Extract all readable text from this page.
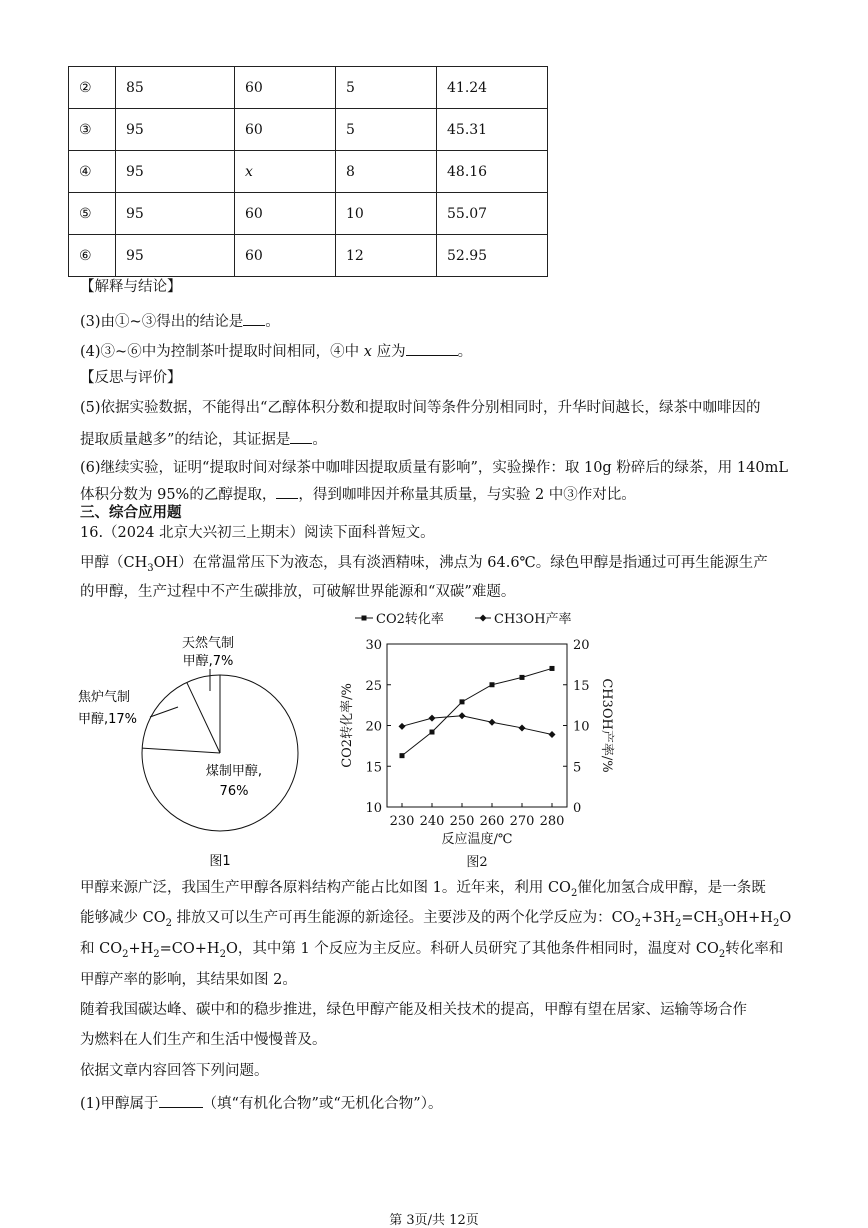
②	85	60	5	41.24
③	95	60	5	45.31
④	95	x	8	48.16
⑤	95	60	10	55.07
⑥	95	60	12	52.95
【解释与结论】
(3)由①~③得出的结论是 。
(4)③~⑥中为控制茶叶提取时间相同，④中 x 应为	。
【反思与评价】
(5)依据实验数据，不能得出“乙醇体积分数和提取时间等条件分别相同时，升华时间越长，绿茶中咖啡因的
提取质量越多”的结论，其证据是 。
(6)继续实验，证明“提取时间对绿茶中咖啡因提取质量有影响”，实验操作：取 10g 粉碎后的绿茶，用 140mL
体积分数为 95%的乙醇提取， ，得到咖啡因并称量其质量，与实验 2 中③作对比。
三、综合应用题
16.（2024 北京大兴初三上期末）阅读下面科普短文。
甲醇$(CH_3OH)$在常温常压下为液态，具有淡酒精味，沸点为 64.6℃。绿色甲醇是指通过可再生能源生产
的甲醇，生产过程中不产生碳排放，可破解世界能源和“双碳”难题。
天然气制
甲醇,7%
焦炉气制
甲醇,17%
煤制甲醇,
76%
图1
10
15
20
25
30
0
5
10
15
20
230 240 250 260 270 280
反应温度/℃
CO2转化率/%	CH3OH产率/%
CO2转化率	CH3OH产率
图2
甲醇来源广泛，我国生产甲醇各原料结构产能占比如图 1。近年来，利用 $CO_2$催化加氢合成甲醇，是一条既
能够减少 $CO_2$ 排放又可以生产可再生能源的新途径。主要涉及的两个化学反应为：$CO_2+3H_2=CH_3OH+H_2O$
和 $CO_2+H_2=CO+H_2O$，其中第 1 个反应为主反应。科研人员研究了其他条件相同时，温度对 $CO_2$转化率和
甲醇产率的影响，其结果如图 2。
随着我国碳达峰、碳中和的稳步推进，绿色甲醇产能及相关技术的提高，甲醇有望在居家、运输等场合作
为燃料在人们生产和生活中慢慢普及。
依据文章内容回答下列问题。
(1)甲醇属于	（填“有机化合物”或“无机化合物”）。
第 3页/共 12页
